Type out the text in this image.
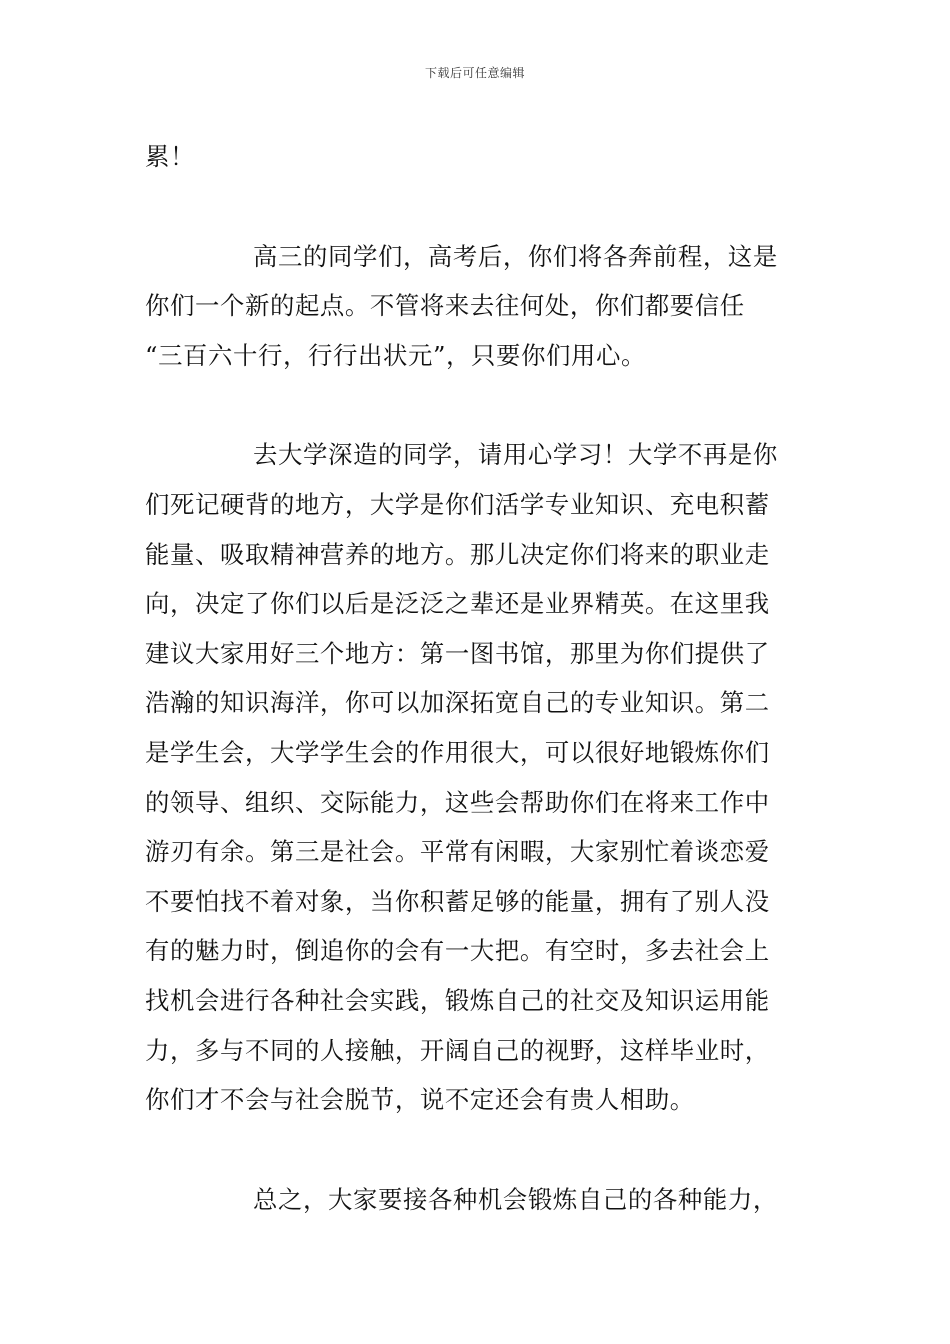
下载后可任意编辑
累！
高三的同学们，高考后，你们将各奔前程，这是
你们一个新的起点。不管将来去往何处，你们都要信任
“三百六十行，行行出状元”，只要你们用心。
去大学深造的同学，请用心学习！大学不再是你
们死记硬背的地方，大学是你们活学专业知识、充电积蓄
能量、吸取精神营养的地方。那儿决定你们将来的职业走
向，决定了你们以后是泛泛之辈还是业界精英。在这里我
建议大家用好三个地方：第一图书馆，那里为你们提供了
浩瀚的知识海洋，你可以加深拓宽自己的专业知识。第二
是学生会，大学学生会的作用很大，可以很好地锻炼你们
的领导、组织、交际能力，这些会帮助你们在将来工作中
游刃有余。第三是社会。平常有闲暇，大家别忙着谈恋爱
不要怕找不着对象，当你积蓄足够的能量，拥有了别人没
有的魅力时，倒追你的会有一大把。有空时，多去社会上
找机会进行各种社会实践，锻炼自己的社交及知识运用能
力，多与不同的人接触，开阔自己的视野，这样毕业时，
你们才不会与社会脱节，说不定还会有贵人相助。
总之，大家要接各种机会锻炼自己的各种能力，
